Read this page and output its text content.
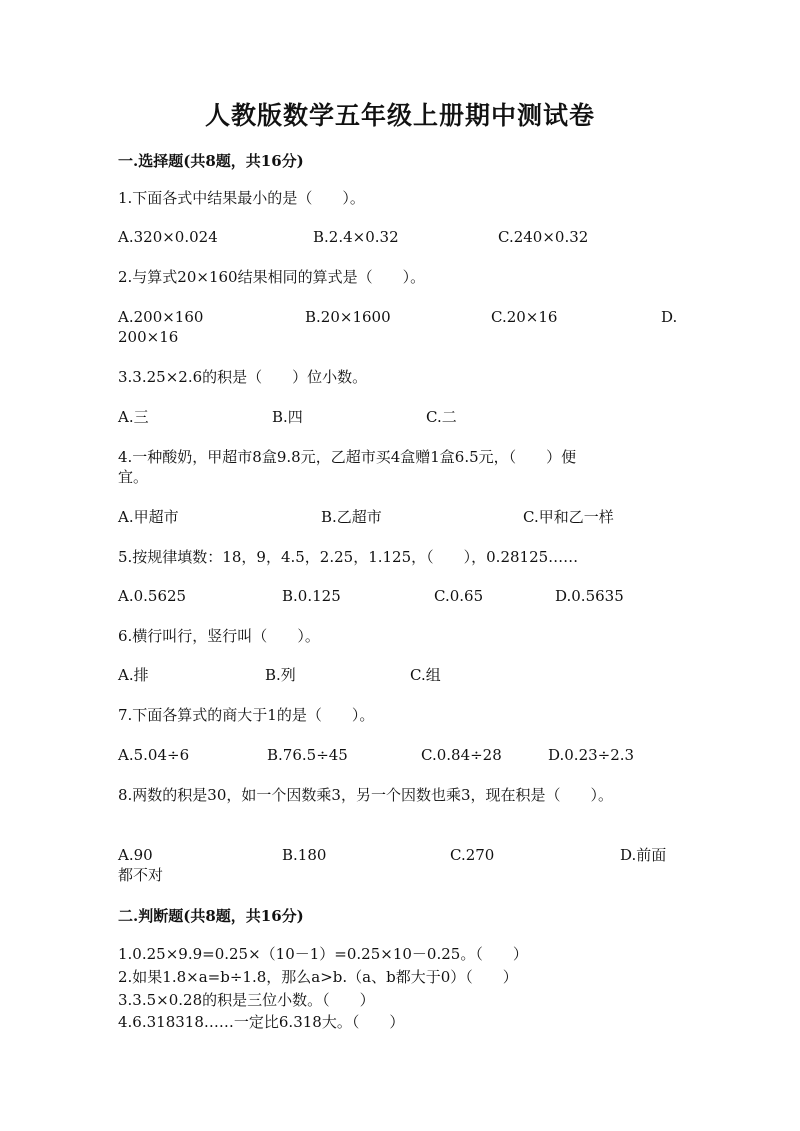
人教版数学五年级上册期中测试卷
一.选择题(共8题，共16分)
1.下面各式中结果最小的是（　　）。
A.320×0.024	B.2.4×0.32	C.240×0.32
2.与算式20×160结果相同的算式是（　　）。
A.200×160	B.20×1600	C.20×16	D.
200×16
3.3.25×2.6的积是（　　）位小数。
A.三	B.四	C.二
4.一种酸奶，甲超市8盒9.8元，乙超市买4盒赠1盒6.5元，（　　）便
宜。
A.甲超市	B.乙超市	C.甲和乙一样
5.按规律填数：18，9，4.5，2.25，1.125，（　　），0.28125……
A.0.5625	B.0.125	C.0.65	D.0.5635
6.横行叫行，竖行叫（　　）。
A.排	B.列	C.组
7.下面各算式的商大于1的是（　　）。
A.5.04÷6	B.76.5÷45	C.0.84÷28	D.0.23÷2.3
8.两数的积是30，如一个因数乘3，另一个因数也乘3，现在积是（　　）。
A.90	B.180	C.270	D.前面
都不对
二.判断题(共8题，共16分)
1.0.25×9.9=0.25×（10－1）=0.25×10－0.25。（　　）
2.如果1.8×a=b÷1.8，那么a>b.（a、b都大于0）（　　）
3.3.5×0.28的积是三位小数。（　　）
4.6.318318……一定比6.318大。（　　）
